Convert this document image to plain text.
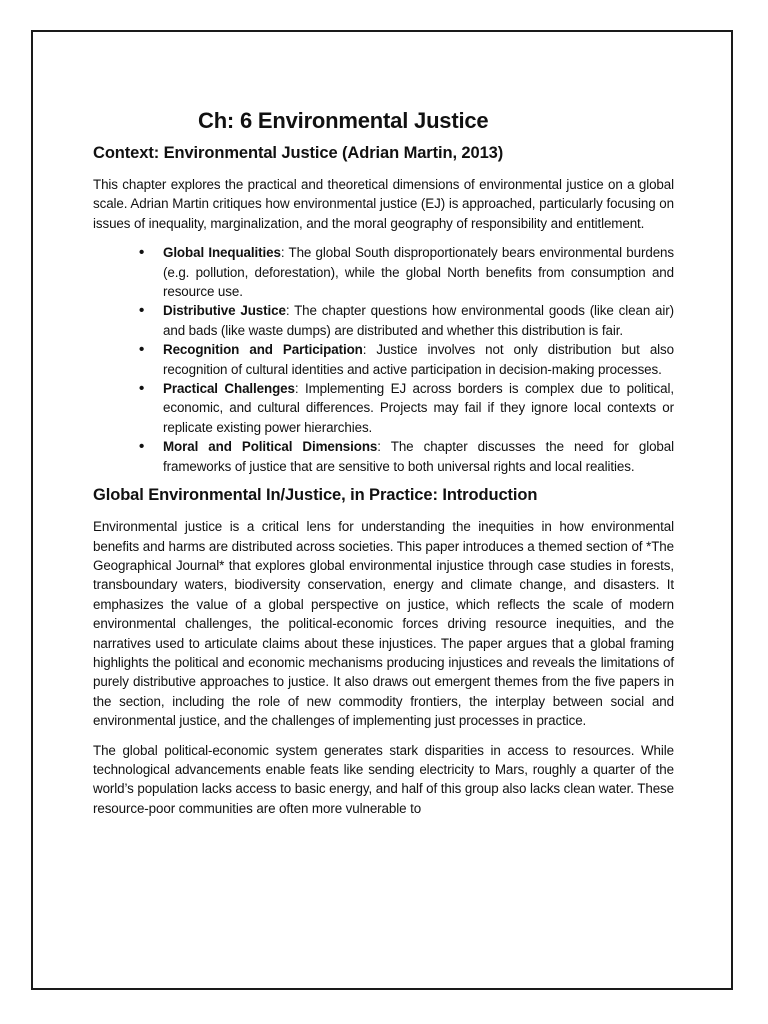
Ch: 6 Environmental Justice
Context: Environmental Justice (Adrian Martin, 2013)

This chapter explores the practical and theoretical dimensions of environmental justice on a global scale. Adrian Martin critiques how environmental justice (EJ) is approached, particularly focusing on issues of inequality, marginalization, and the moral geography of responsibility and entitlement.

• Global Inequalities: The global South disproportionately bears environmental burdens (e.g. pollution, deforestation), while the global North benefits from consumption and resource use.
• Distributive Justice: The chapter questions how environmental goods (like clean air) and bads (like waste dumps) are distributed and whether this distribution is fair.
• Recognition and Participation: Justice involves not only distribution but also recognition of cultural identities and active participation in decision-making processes.
• Practical Challenges: Implementing EJ across borders is complex due to political, economic, and cultural differences. Projects may fail if they ignore local contexts or replicate existing power hierarchies.
• Moral and Political Dimensions: The chapter discusses the need for global frameworks of justice that are sensitive to both universal rights and local realities.
Global Environmental In/Justice, in Practice: Introduction

Environmental justice is a critical lens for understanding the inequities in how environmental benefits and harms are distributed across societies. This paper introduces a themed section of *The Geographical Journal* that explores global environmental injustice through case studies in forests, transboundary waters, biodiversity conservation, energy and climate change, and disasters. It emphasizes the value of a global perspective on justice, which reflects the scale of modern environmental challenges, the political-economic forces driving resource inequities, and the narratives used to articulate claims about these injustices. The paper argues that a global framing highlights the political and economic mechanisms producing injustices and reveals the limitations of purely distributive approaches to justice. It also draws out emergent themes from the five papers in the section, including the role of new commodity frontiers, the interplay between social and environmental justice, and the challenges of implementing just processes in practice.

The global political-economic system generates stark disparities in access to resources. While technological advancements enable feats like sending electricity to Mars, roughly a quarter of the world’s population lacks access to basic energy, and half of this group also lacks clean water. These resource-poor communities are often more vulnerable to
